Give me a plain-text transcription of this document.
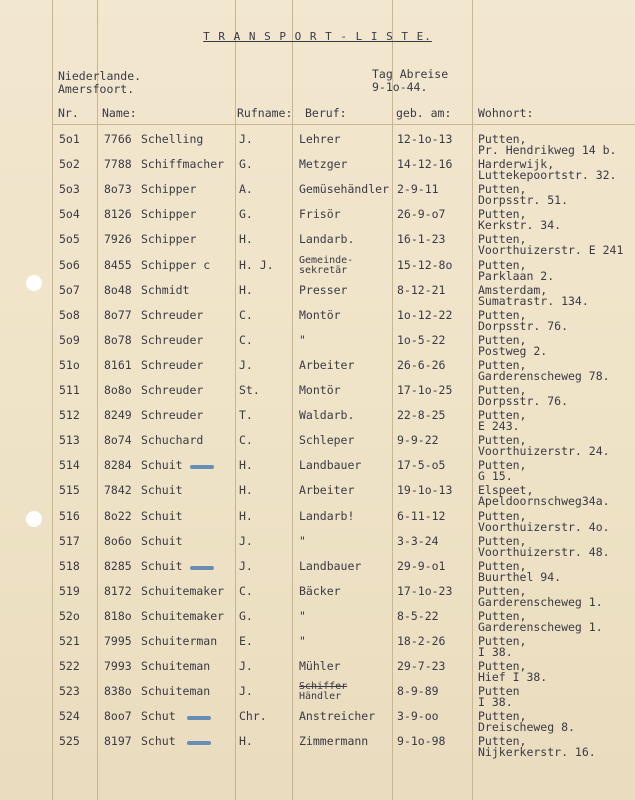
T R A N S P O R T - L I S T E.
Niederlande.
Amersfoort.
Tag Abreise
9-1o-44.
Nr. Name:	Rufname: Beruf:	geb. am: Wohnort:
5o1 7766 Schelling	J.	Lehrer	12-1o-13 Putten,
Pr. Hendrikweg 14 b.
5o2 7788 Schiffmacher G.	Metzger	14-12-16 Harderwijk,
Luttekepoortstr. 32.
5o3 8o73 Schipper	A.	Gemüsehändler 2-9-11	Putten,
Dorpsstr. 51.
5o4 8126 Schipper	G.	Frisör	26-9-o7	Putten,
Kerkstr. 34.
5o5 7926 Schipper	H.	Landarb.	16-1-23	Putten,
Voorthuizerstr. E 241
5o6 8455 Schipper c	H. J.	Gemeinde-	15-12-8o Putten,
sekretär	Parklaan 2.
5o7 8o48 Schmidt	H.	Presser	8-12-21	Amsterdam,
Sumatrastr. 134.
5o8 8o77 Schreuder	C.	Montör	1o-12-22 Putten,
Dorpsstr. 76.
5o9 8o78 Schreuder	C.	"	1o-5-22	Putten,
Postweg 2.
51o 8161 Schreuder	J.	Arbeiter	26-6-26	Putten,
Garderenscheweg 78.
511 8o8o Schreuder	St.	Montör	17-1o-25 Putten,
Dorpsstr. 76.
512 8249 Schreuder	T.	Waldarb.	22-8-25	Putten,
E 243.
513 8o74 Schuchard	C.	Schleper	9-9-22	Putten,
Voorthuizerstr. 24.
514 8284 Schuit	H.	Landbauer	17-5-o5	Putten,
G 15.
515 7842 Schuit	H.	Arbeiter	19-1o-13 Elspeet,
Apeldoornschweg34a.
516 8o22 Schuit	H.	Landarb!	6-11-12	Putten,
Voorthuizerstr. 4o.
517 8o6o Schuit	J.	"	3-3-24	Putten,
Voorthuizerstr. 48.
518 8285 Schuit	J.	Landbauer	29-9-o1	Putten,
Buurthel 94.
519 8172 Schuitemaker C.	Bäcker	17-1o-23 Putten,
Garderenscheweg 1.
52o 818o Schuitemaker G.	"	8-5-22	Putten,
Garderenscheweg 1.
521 7995 Schuiterman E.	"	18-2-26	Putten,
I 38.
522 7993 Schuiteman	J.	Mühler	29-7-23	Putten,
Hief I 38.
523 838o Schuiteman	J.	Schiffer	8-9-89	Putten
Händler	I 38.
524 8oo7 Schut	Chr.	Anstreicher 3-9-oo	Putten,
Dreischeweg 8.
525 8197 Schut	H.	Zimmermann	9-1o-98	Putten,
Nijkerkerstr. 16.
